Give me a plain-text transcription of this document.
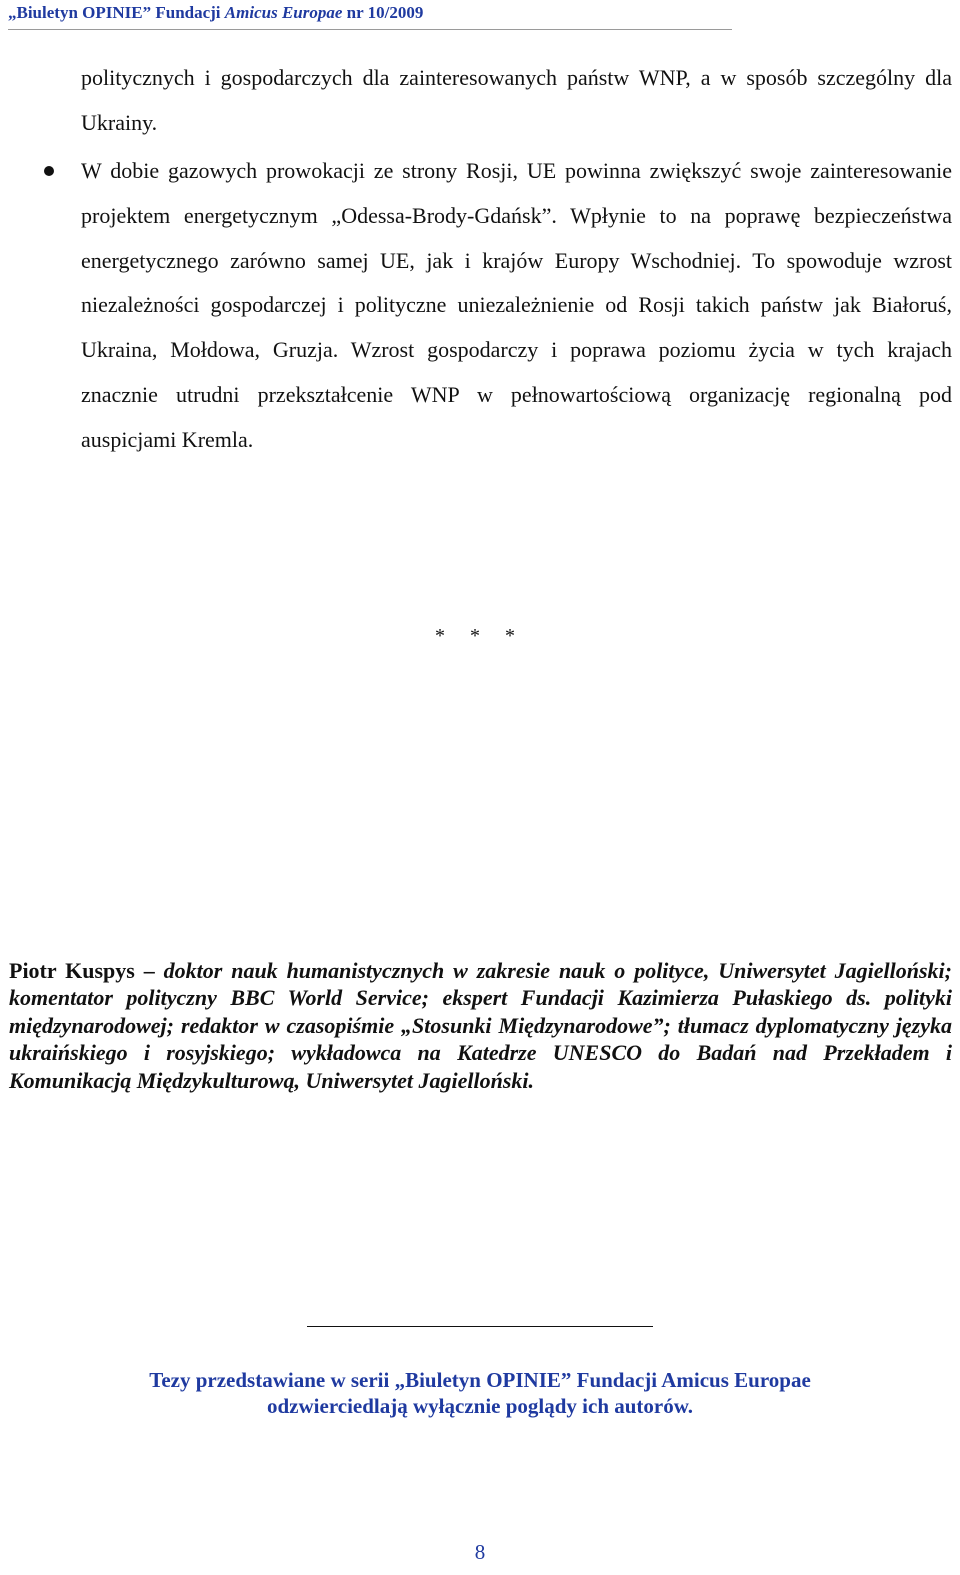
„Biuletyn OPINIE” Fundacji Amicus Europae nr 10/2009
politycznych i gospodarczych dla zainteresowanych państw WNP, a w sposób szczególny dla Ukrainy.
W dobie gazowych prowokacji ze strony Rosji, UE powinna zwiększyć swoje zainteresowanie projektem energetycznym „Odessa-Brody-Gdańsk”. Wpłynie to na poprawę bezpieczeństwa energetycznego zarówno samej UE, jak i krajów Europy Wschodniej. To spowoduje wzrost niezależności gospodarczej i polityczne uniezależnienie od Rosji takich państw jak Białoruś, Ukraina, Mołdowa, Gruzja. Wzrost gospodarczy i poprawa poziomu życia w tych krajach znacznie utrudni przekształcenie WNP w pełnowartościową organizację regionalną pod auspicjami Kremla.
* * *
Piotr Kuspys – doktor nauk humanistycznych w zakresie nauk o polityce, Uniwersytet Jagielloński; komentator polityczny BBC World Service; ekspert Fundacji Kazimierza Pułaskiego ds. polityki międzynarodowej; redaktor w czasopiśmie „Stosunki Międzynarodowe”; tłumacz dyplomatyczny języka ukraińskiego i rosyjskiego; wykładowca na Katedrze UNESCO do Badań nad Przekładem i Komunikacją Międzykulturową, Uniwersytet Jagielloński.
Tezy przedstawiane w serii „Biuletyn OPINIE” Fundacji Amicus Europae
odzwierciedlają wyłącznie poglądy ich autorów.
8
